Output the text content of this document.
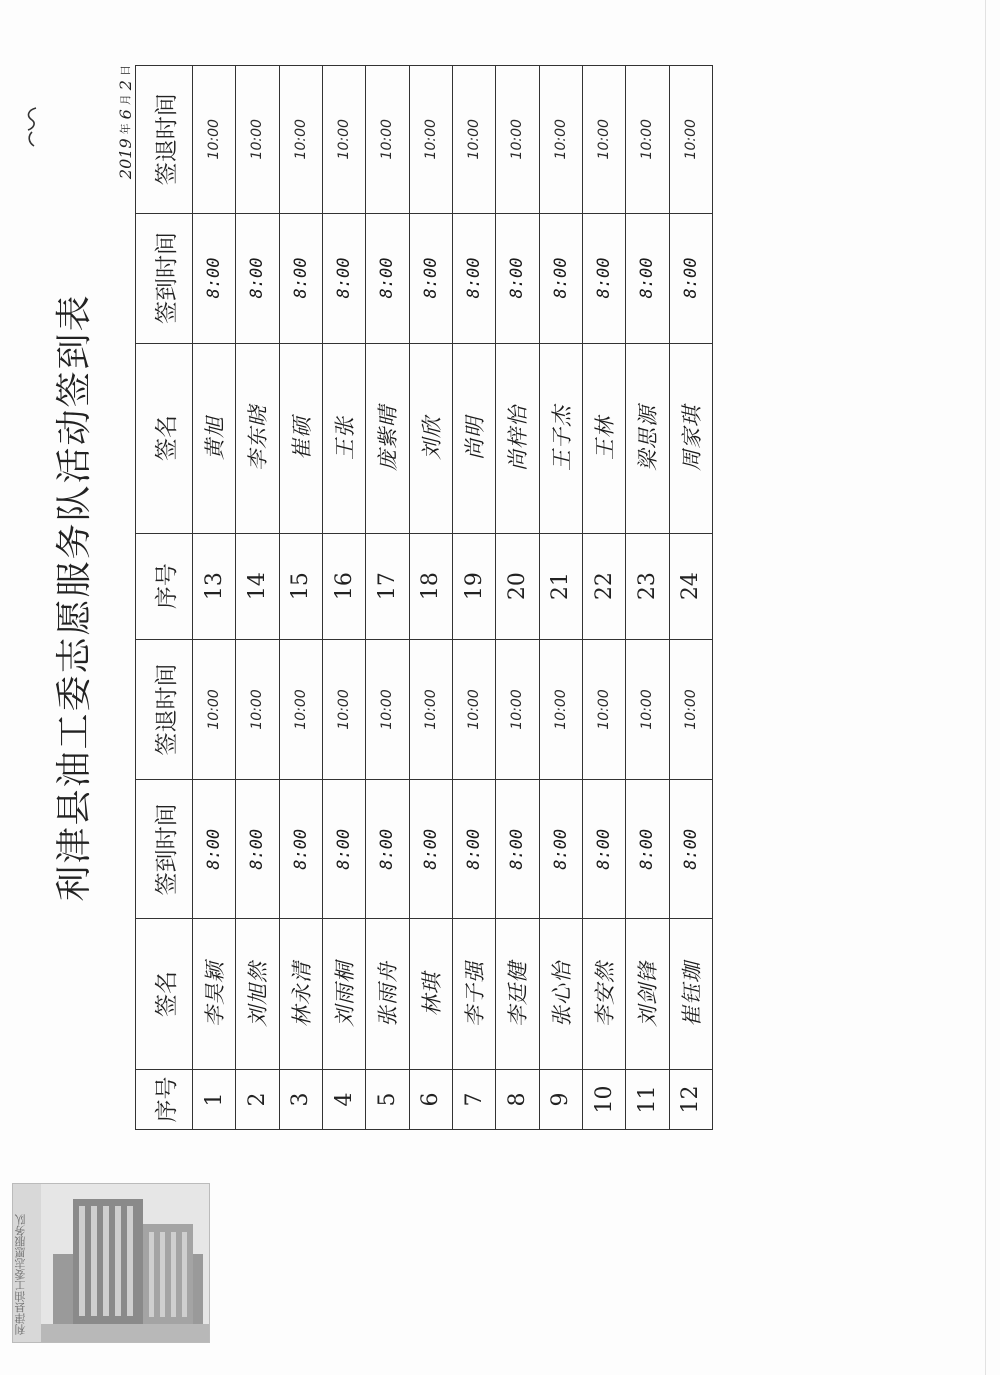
利津县油工委志愿服务队活动签到表
2019
年
6
月
2
日
序号	签名	签到时间	签退时间	序号	签名	签到时间	签退时间
1	李昊颖	8:00	10:00	13	黄旭	8:00	10:00
2	刘旭然	8:00	10:00	14	李东晓	8:00	10:00
3	林永清	8:00	10:00	15	崔硕	8:00	10:00
4	刘雨桐	8:00	10:00	16	王张	8:00	10:00
5	张雨舟	8:00	10:00	17	庞紫晴	8:00	10:00
6	林琪	8:00	10:00	18	刘欣	8:00	10:00
7	李子强	8:00	10:00	19	尚明	8:00	10:00
8	李廷健	8:00	10:00	20	尚梓怡	8:00	10:00
9	张心怡	8:00	10:00	21	王子杰	8:00	10:00
10	李安然	8:00	10:00	22	王林	8:00	10:00
11	刘剑锋	8:00	10:00	23	梁思源	8:00	10:00
12	崔钰珈	8:00	10:00	24	周家琪	8:00	10:00
利津县油工委志愿服务队
